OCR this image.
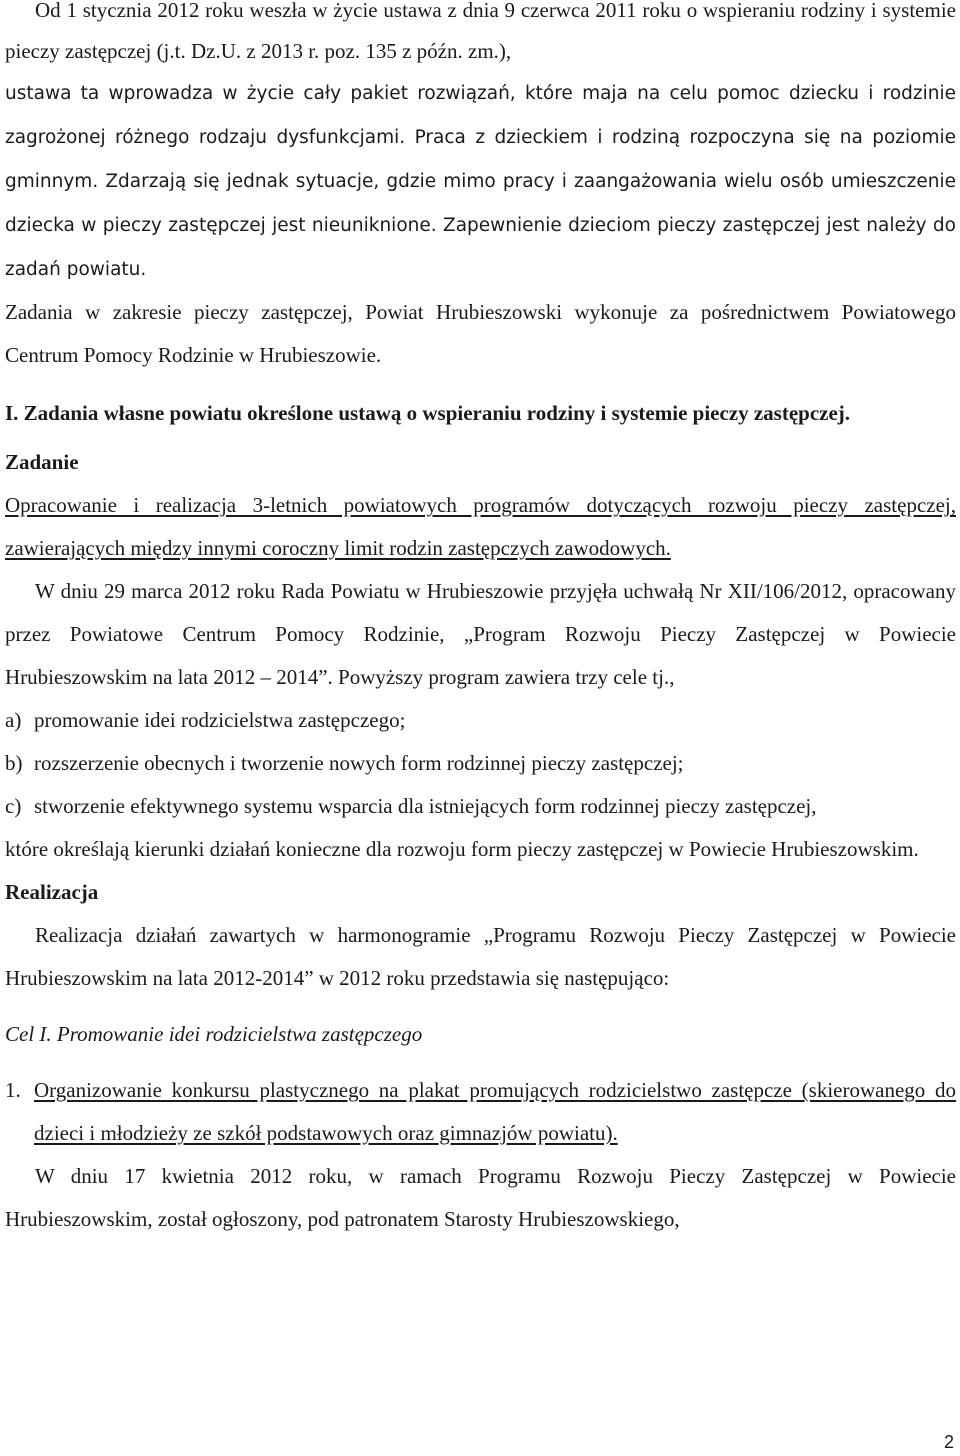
Od 1 stycznia 2012 roku weszła w życie ustawa z dnia 9 czerwca 2011 roku o wspieraniu rodziny i systemie pieczy zastępczej (j.t. Dz.U. z 2013 r. poz. 135 z późn. zm.),

ustawa ta wprowadza w życie cały pakiet rozwiązań, które maja na celu pomoc dziecku i rodzinie zagrożonej różnego rodzaju dysfunkcjami. Praca z dzieckiem i rodziną rozpoczyna się na poziomie gminnym. Zdarzają się jednak sytuacje, gdzie mimo pracy i zaangażowania wielu osób umieszczenie dziecka w pieczy zastępczej jest nieuniknione. Zapewnienie dzieciom pieczy zastępczej jest należy do zadań powiatu.

Zadania w zakresie pieczy zastępczej, Powiat Hrubieszowski wykonuje za pośrednictwem Powiatowego Centrum Pomocy Rodzinie w Hrubieszowie.

I. Zadania własne powiatu określone ustawą o wspieraniu rodziny i systemie pieczy zastępczej.

Zadanie

Opracowanie i realizacja 3-letnich powiatowych programów dotyczących rozwoju pieczy zastępczej, zawierających między innymi coroczny limit rodzin zastępczych zawodowych.

W dniu 29 marca 2012 roku Rada Powiatu w Hrubieszowie przyjęła uchwałą Nr XII/106/2012, opracowany przez Powiatowe Centrum Pomocy Rodzinie, „Program Rozwoju Pieczy Zastępczej w Powiecie Hrubieszowskim na lata 2012 – 2014”. Powyższy program zawiera trzy cele tj.,

a) promowanie idei rodzicielstwa zastępczego;
b) rozszerzenie obecnych i tworzenie nowych form rodzinnej pieczy zastępczej;
c) stworzenie efektywnego systemu wsparcia dla istniejących form rodzinnej pieczy zastępczej,

które określają kierunki działań konieczne dla rozwoju form pieczy zastępczej w Powiecie Hrubieszowskim.

Realizacja

Realizacja działań zawartych w harmonogramie „Programu Rozwoju Pieczy Zastępczej w Powiecie Hrubieszowskim na lata 2012-2014” w 2012 roku przedstawia się następująco:

Cel I. Promowanie idei rodzicielstwa zastępczego

1. Organizowanie konkursu plastycznego na plakat promujących rodzicielstwo zastępcze (skierowanego do dzieci i młodzieży ze szkół podstawowych oraz gimnazjów powiatu).

W dniu 17 kwietnia 2012 roku, w ramach Programu Rozwoju Pieczy Zastępczej w Powiecie Hrubieszowskim, został ogłoszony, pod patronatem Starosty Hrubieszowskiego,

2
